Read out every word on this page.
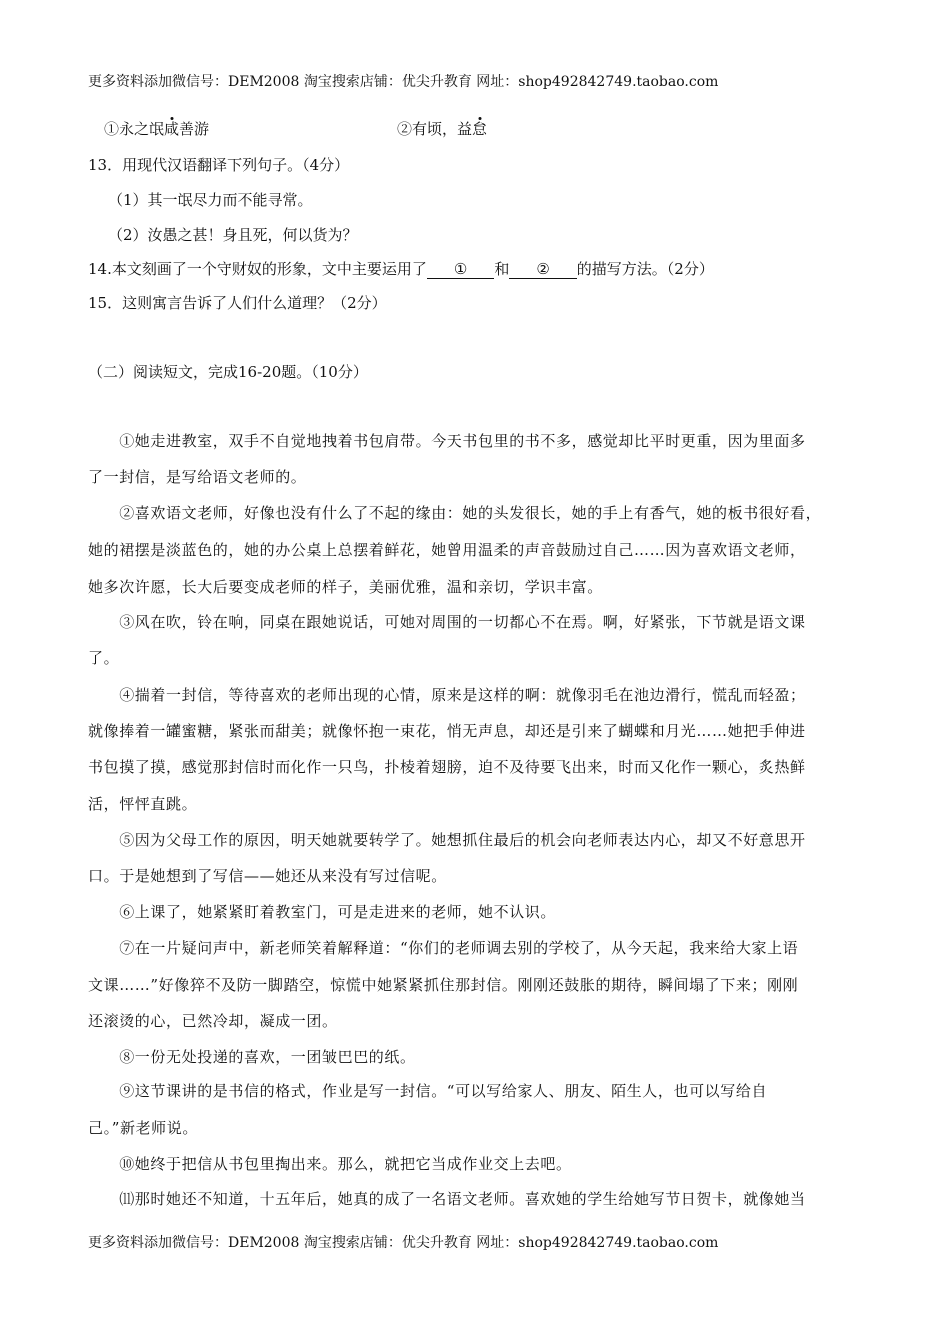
更多资料添加微信号：DEM2008 淘宝搜索店铺：优尖升教育 网址：shop492842749.taobao.com
①永之氓咸善游	②有顷，益怠
13．用现代汉语翻译下列句子。（4分）
（1）其一氓尽力而不能寻常。
（2）汝愚之甚！身且死，何以货为？
14.本文刻画了一个守财奴的形象，文中主要运用了 ① 和 ② 的描写方法。（2分）
15．这则寓言告诉了人们什么道理？（2分）
（二）阅读短文，完成16-20题。（10分）
　　①她走进教室，双手不自觉地拽着书包肩带。今天书包里的书不多，感觉却比平时更重，因为里面多
了一封信，是写给语文老师的。
　　②喜欢语文老师，好像也没有什么了不起的缘由：她的头发很长，她的手上有香气，她的板书很好看，
她的裙摆是淡蓝色的，她的办公桌上总摆着鲜花，她曾用温柔的声音鼓励过自己……因为喜欢语文老师，
她多次许愿，长大后要变成老师的样子，美丽优雅，温和亲切，学识丰富。
　　③风在吹，铃在响，同桌在跟她说话，可她对周围的一切都心不在焉。啊，好紧张，下节就是语文课
了。
　　④揣着一封信，等待喜欢的老师出现的心情，原来是这样的啊：就像羽毛在池边滑行，慌乱而轻盈；
就像捧着一罐蜜糖，紧张而甜美；就像怀抱一束花，悄无声息，却还是引来了蝴蝶和月光……她把手伸进
书包摸了摸，感觉那封信时而化作一只鸟，扑棱着翅膀，迫不及待要飞出来，时而又化作一颗心，炙热鲜
活，怦怦直跳。
　　⑤因为父母工作的原因，明天她就要转学了。她想抓住最后的机会向老师表达内心，却又不好意思开
口。于是她想到了写信——她还从来没有写过信呢。
　　⑥上课了，她紧紧盯着教室门，可是走进来的老师，她不认识。
　　⑦在一片疑问声中，新老师笑着解释道：“你们的老师调去别的学校了，从今天起，我来给大家上语
文课……”好像猝不及防一脚踏空，惊慌中她紧紧抓住那封信。刚刚还鼓胀的期待，瞬间塌了下来；刚刚
还滚烫的心，已然冷却，凝成一团。
　　⑧一份无处投递的喜欢，一团皱巴巴的纸。
　　⑨这节课讲的是书信的格式，作业是写一封信。“可以写给家人、朋友、陌生人，也可以写给自
己。”新老师说。
　　⑩她终于把信从书包里掏出来。那么，就把它当成作业交上去吧。
　　⑾那时她还不知道，十五年后，她真的成了一名语文老师。喜欢她的学生给她写节日贺卡，就像她当
更多资料添加微信号：DEM2008 淘宝搜索店铺：优尖升教育 网址：shop492842749.taobao.com
